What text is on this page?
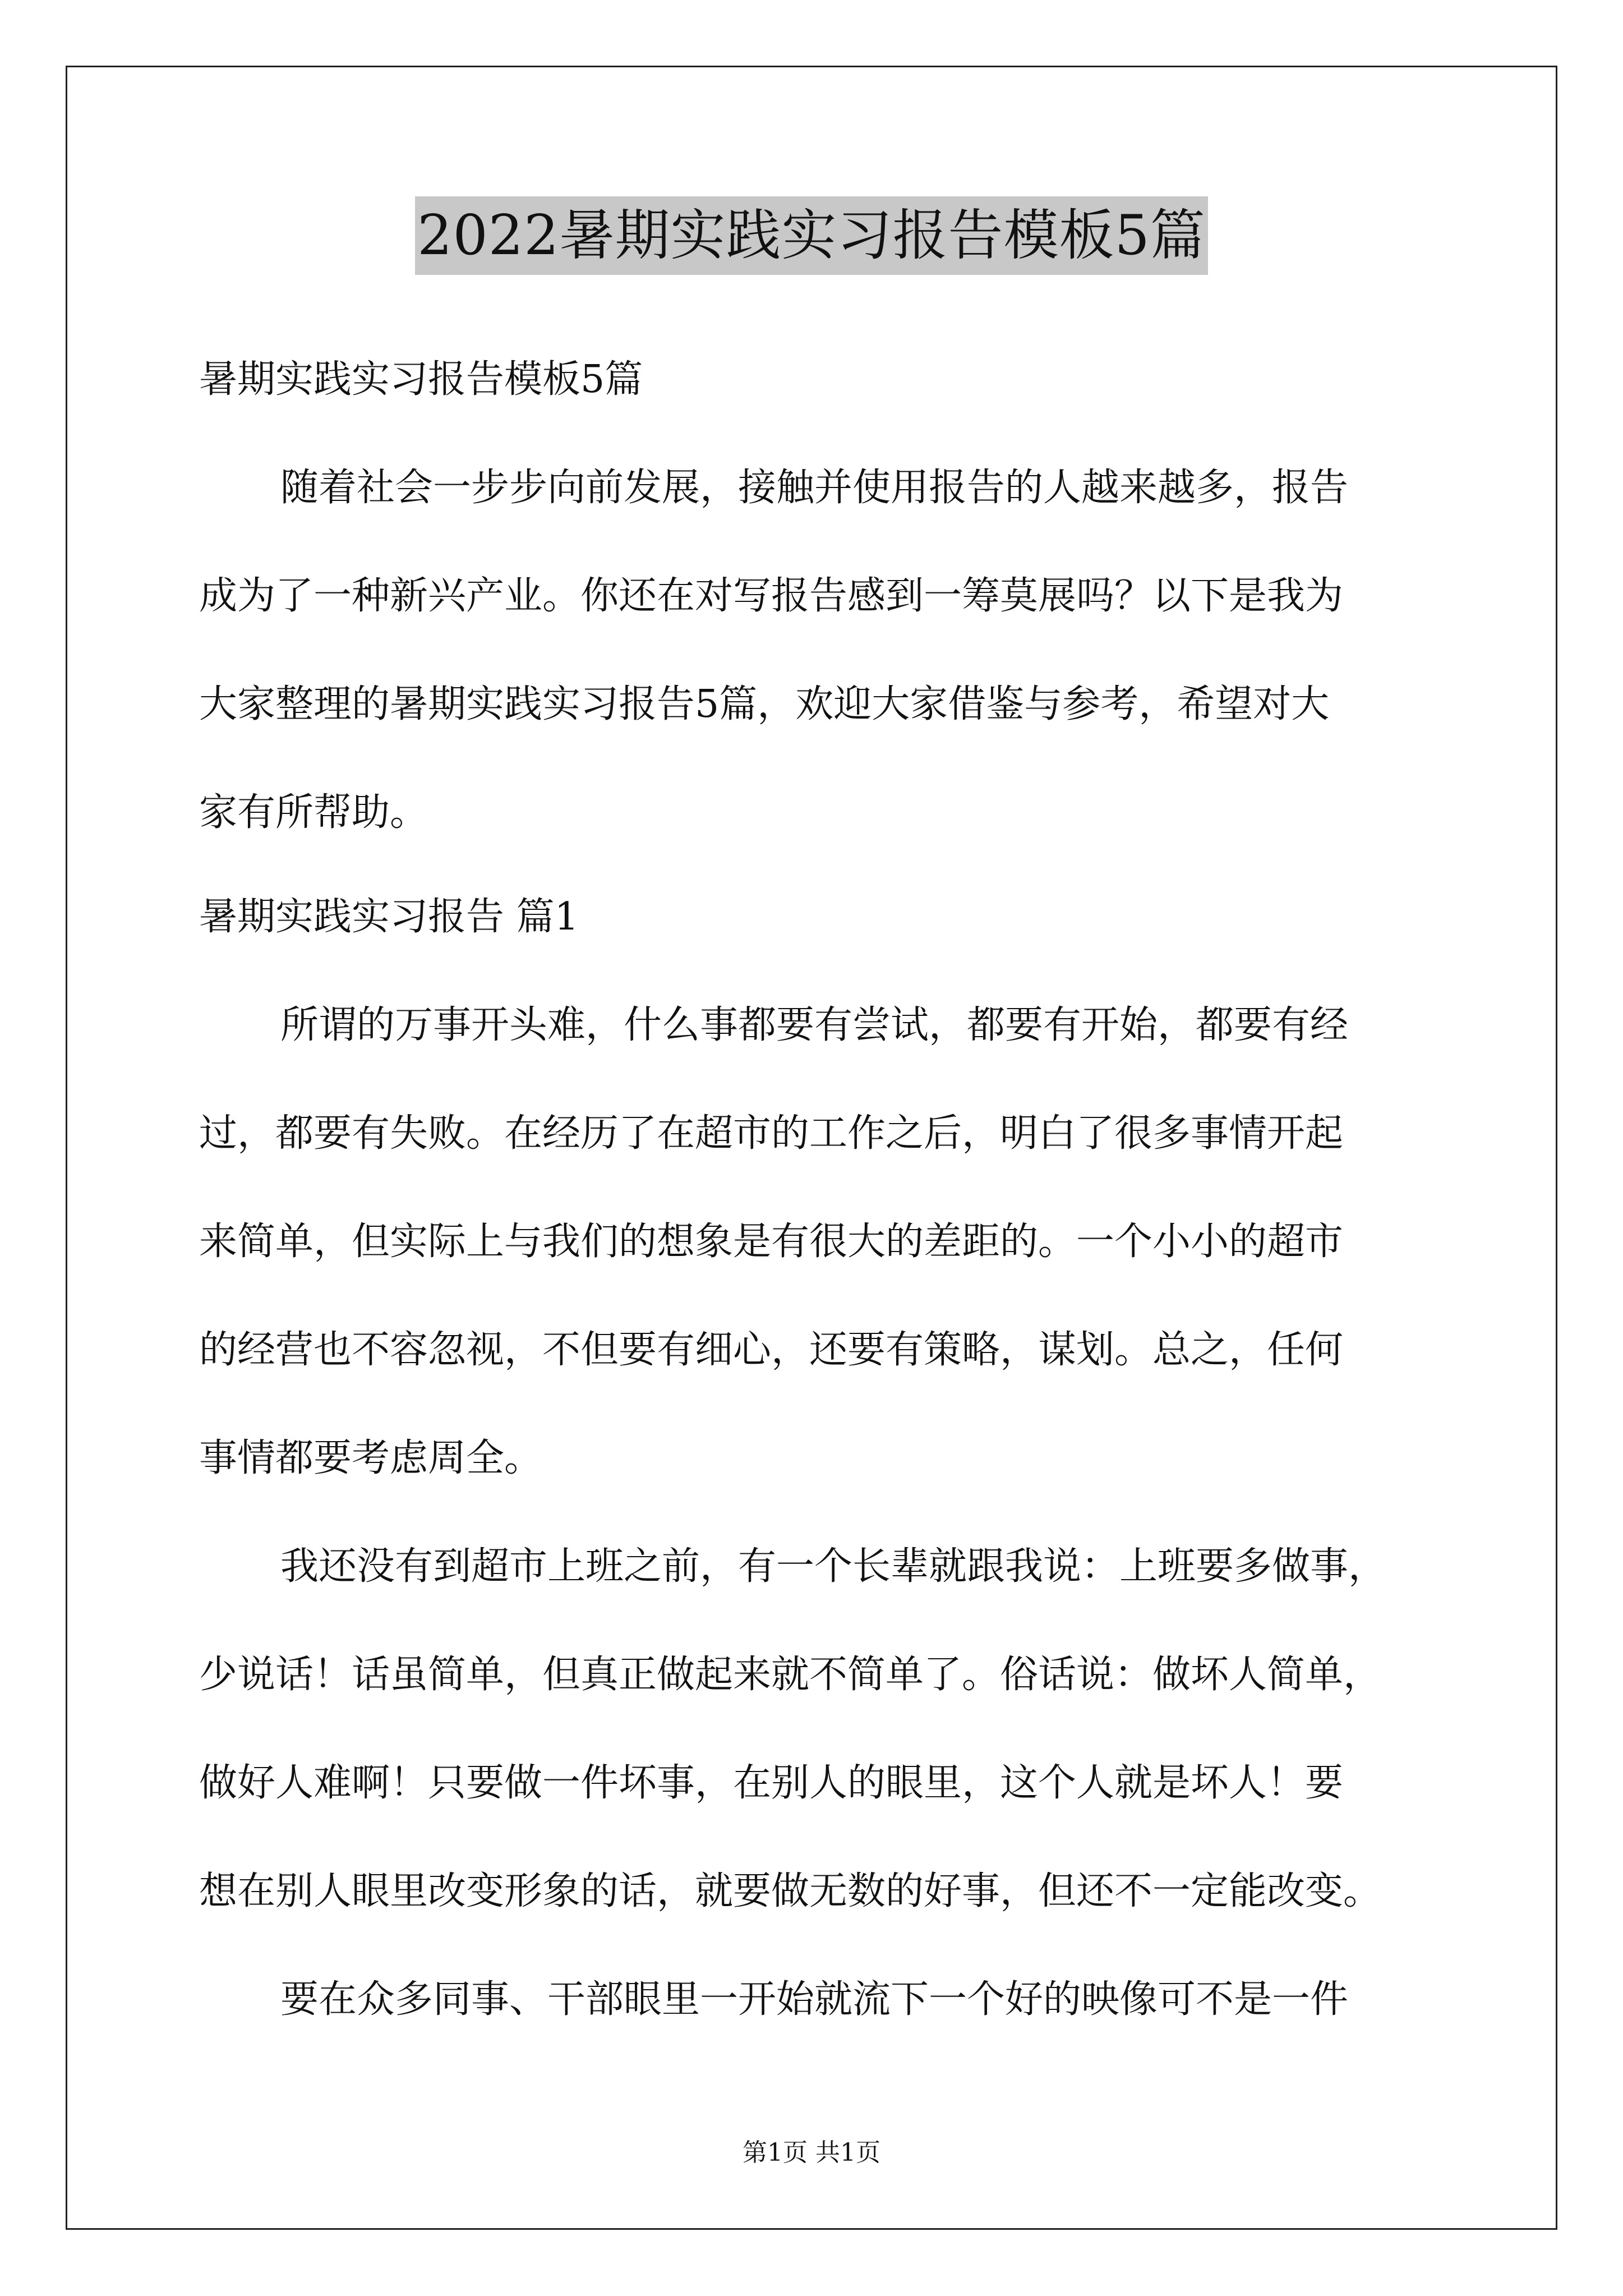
2022暑期实践实习报告模板5篇
暑期实践实习报告模板5篇
随着社会一步步向前发展，接触并使用报告的人越来越多，报告
成为了一种新兴产业。你还在对写报告感到一筹莫展吗？以下是我为
大家整理的暑期实践实习报告5篇，欢迎大家借鉴与参考，希望对大
家有所帮助。
暑期实践实习报告 篇1
所谓的万事开头难，什么事都要有尝试，都要有开始，都要有经
过，都要有失败。在经历了在超市的工作之后，明白了很多事情开起
来简单，但实际上与我们的想象是有很大的差距的。一个小小的超市
的经营也不容忽视，不但要有细心，还要有策略，谋划。总之，任何
事情都要考虑周全。
我还没有到超市上班之前，有一个长辈就跟我说：上班要多做事，
少说话！话虽简单，但真正做起来就不简单了。俗话说：做坏人简单，
做好人难啊！只要做一件坏事，在别人的眼里，这个人就是坏人！要
想在别人眼里改变形象的话，就要做无数的好事，但还不一定能改变。
要在众多同事、干部眼里一开始就流下一个好的映像可不是一件
第1页 共1页
